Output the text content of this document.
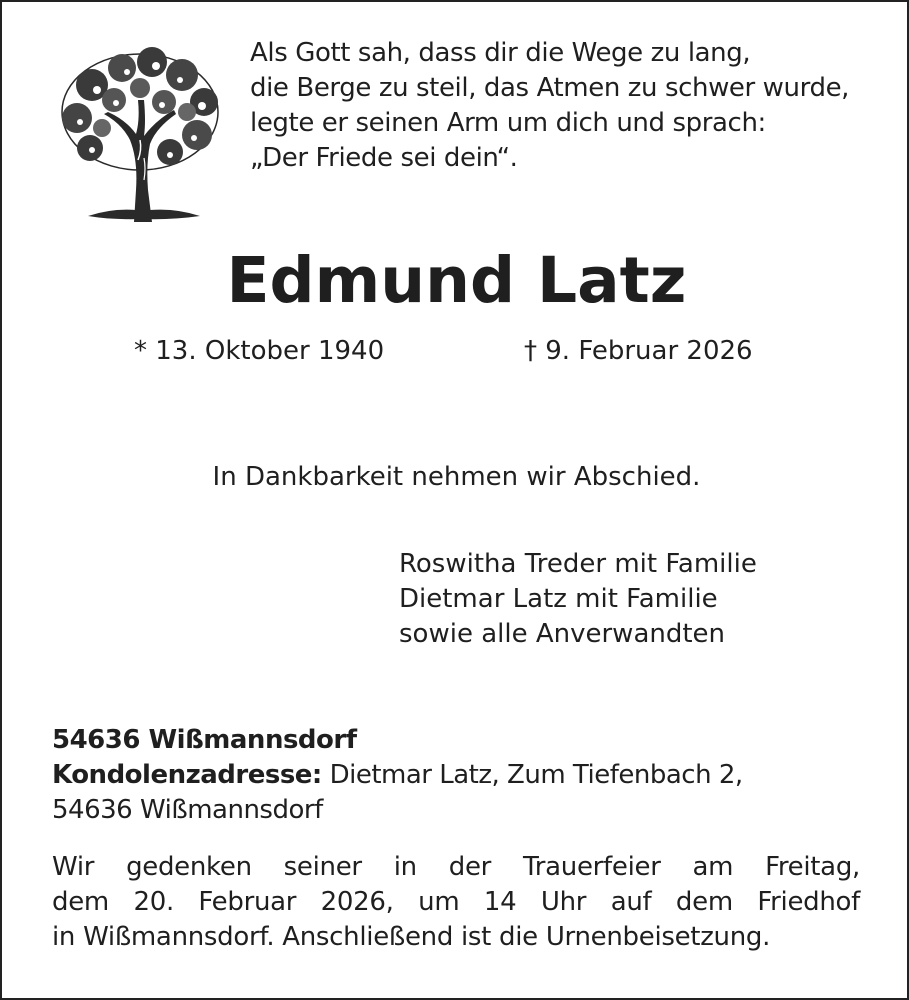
Als Gott sah, dass dir die Wege zu lang,
die Berge zu steil, das Atmen zu schwer wurde,
legte er seinen Arm um dich und sprach:
„Der Friede sei dein“.
Edmund Latz
* 13. Oktober 1940	† 9. Februar 2026
In Dankbarkeit nehmen wir Abschied.
Roswitha Treder mit Familie
Dietmar Latz mit Familie
sowie alle Anverwandten
54636 Wißmannsdorf
Kondolenzadresse: Dietmar Latz, Zum Tiefenbach 2,
54636 Wißmannsdorf
Wir gedenken seiner in der Trauerfeier am Freitag,
dem 20. Februar 2026, um 14 Uhr auf dem Friedhof
in Wißmannsdorf. Anschließend ist die Urnenbeisetzung.
